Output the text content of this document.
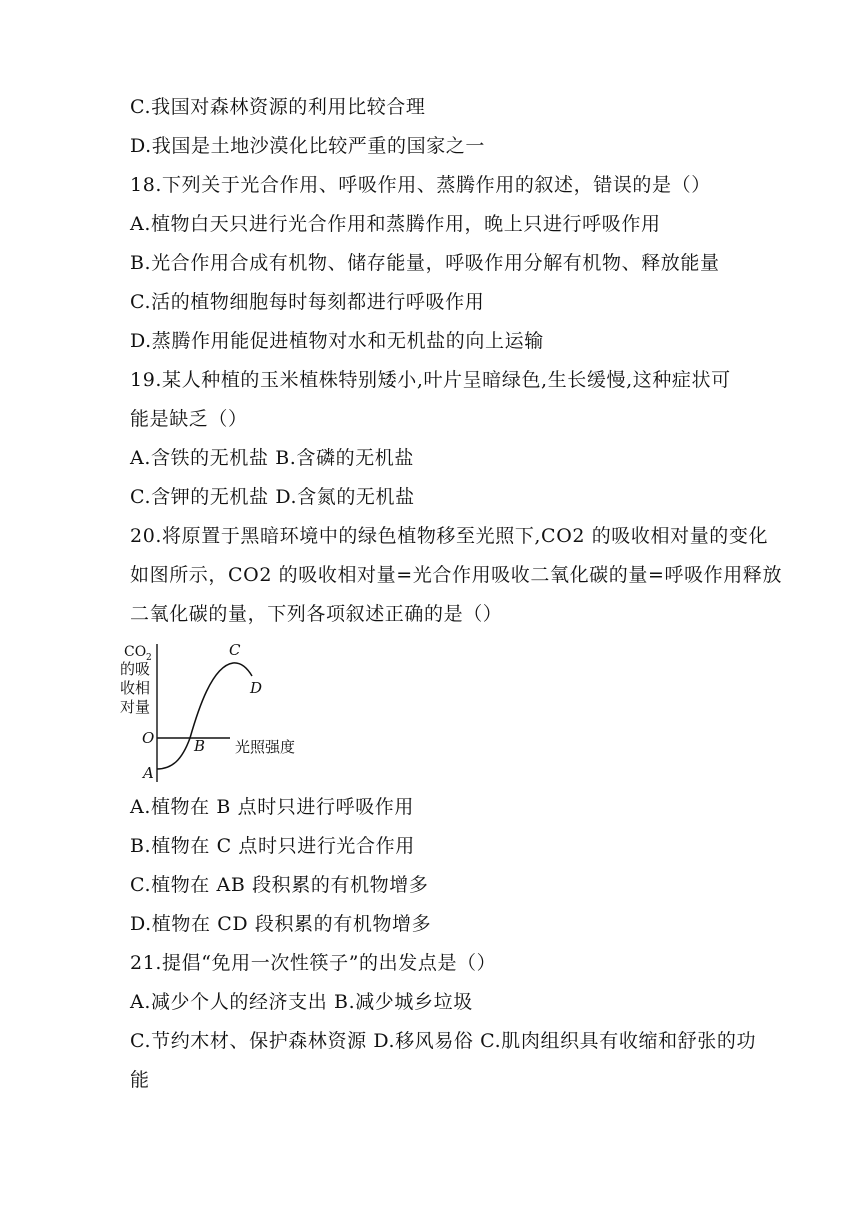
C.我国对森林资源的利用比较合理
D.我国是土地沙漠化比较严重的国家之一
18.下列关于光合作用、呼吸作用、蒸腾作用的叙述，错误的是（）
A.植物白天只进行光合作用和蒸腾作用，晚上只进行呼吸作用
B.光合作用合成有机物、储存能量，呼吸作用分解有机物、释放能量
C.活的植物细胞每时每刻都进行呼吸作用
D.蒸腾作用能促进植物对水和无机盐的向上运输
19.某人种植的玉米植株特别矮小,叶片呈暗绿色,生长缓慢,这种症状可
能是缺乏（）
A.含铁的无机盐 B.含磷的无机盐
C.含钾的无机盐 D.含氮的无机盐
20.将原置于黑暗环境中的绿色植物移至光照下,CO2 的吸收相对量的变化
如图所示，CO2 的吸收相对量=光合作用吸收二氧化碳的量=呼吸作用释放
二氧化碳的量，下列各项叙述正确的是（）
CO 2
的吸
收相
对量
O
A
B
C
D
光照强度
A.植物在 B 点时只进行呼吸作用
B.植物在 C 点时只进行光合作用
C.植物在 AB 段积累的有机物增多
D.植物在 CD 段积累的有机物增多
21.提倡“免用一次性筷子”的出发点是（）
A.减少个人的经济支出 B.减少城乡垃圾
C.节约木材、保护森林资源 D.移风易俗 C.肌肉组织具有收缩和舒张的功
能
